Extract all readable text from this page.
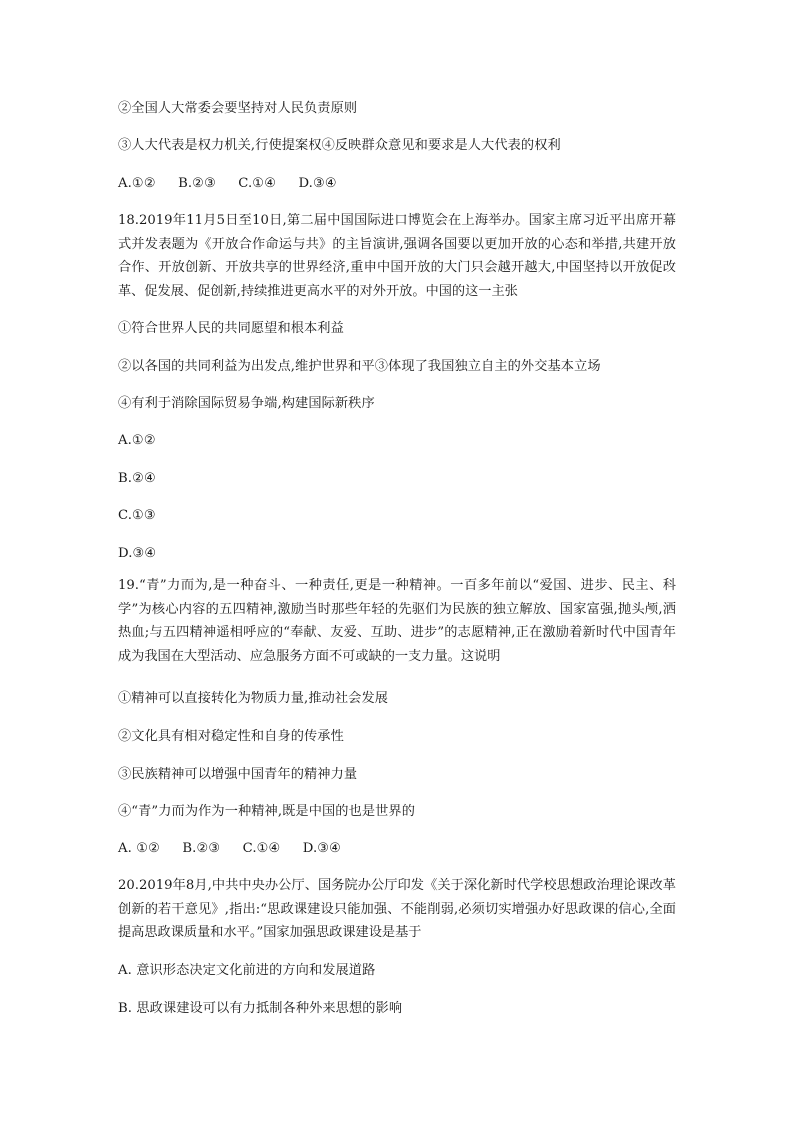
②全国人大常委会要坚持对人民负责原则
③人大代表是权力机关,行使提案权④反映群众意见和要求是人大代表的权利
A.①② B.②③ C.①④ D.③④
18.2019年11月5日至10日,第二届中国国际进口博览会在上海举办。国家主席习近平出席开幕式并发表题为《开放合作命运与共》的主旨演讲,强调各国要以更加开放的心态和举措,共建开放合作、开放创新、开放共享的世界经济,重申中国开放的大门只会越开越大,中国坚持以开放促改革、促发展、促创新,持续推进更高水平的对外开放。中国的这一主张
①符合世界人民的共同愿望和根本利益
②以各国的共同利益为出发点,维护世界和平③体现了我国独立自主的外交基本立场
④有利于消除国际贸易争端,构建国际新秩序
A.①②
B.②④
C.①③
D.③④
19.“青”力而为,是一种奋斗、一种责任,更是一种精神。一百多年前以“爱国、进步、民主、科学”为核心内容的五四精神,激励当时那些年轻的先驱们为民族的独立解放、国家富强,抛头颅,洒热血;与五四精神遥相呼应的“奉献、友爱、互助、进步”的志愿精神,正在激励着新时代中国青年成为我国在大型活动、应急服务方面不可或缺的一支力量。这说明
①精神可以直接转化为物质力量,推动社会发展
②文化具有相对稳定性和自身的传承性
③民族精神可以增强中国青年的精神力量
④“青”力而为作为一种精神,既是中国的也是世界的
A. ①② B.②③ C.①④ D.③④
20.2019年8月,中共中央办公厅、国务院办公厅印发《关于深化新时代学校思想政治理论课改革创新的若干意见》,指出:“思政课建设只能加强、不能削弱,必须切实增强办好思政课的信心,全面提高思政课质量和水平。”国家加强思政课建设是基于
A. 意识形态决定文化前进的方向和发展道路
B. 思政课建设可以有力抵制各种外来思想的影响
